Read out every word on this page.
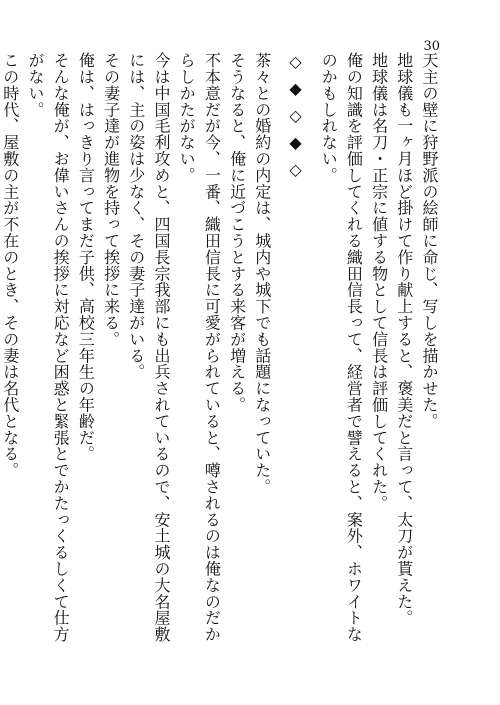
30

天主の壁に狩野派の絵師に命じ、写しを描かせた。

地球儀も一ヶ月ほど掛けて作り献上すると、褒美だと言って、太刀が貰えた。

地球儀は名刀・正宗に値する物として信長は評価してくれた。

俺の知識を評価してくれる織田信長って、経営者で譬えると、案外、ホワイトなのかもしれない。

◇◆◇◆◇

茶々との婚約の内定は、城内や城下でも話題になっていた。

そうなると、俺に近づこうとする来客が増える。

不本意だが今、一番、織田信長に可愛がられていると、噂されるのは俺なのだからしかたがない。

今は中国毛利攻めと、四国長宗我部にも出兵されているので、安土城の大名屋敷には、主の姿は少なく、その妻子達がいる。

その妻子達が進物を持って挨拶に来る。

俺は、はっきり言ってまだ子供、高校三年生の年齢だ。

そんな俺が、お偉いさんの挨拶に対応など困惑と緊張とでかたっくるしくて仕方がない。

この時代、屋敷の主が不在のとき、その妻は名代となる。
